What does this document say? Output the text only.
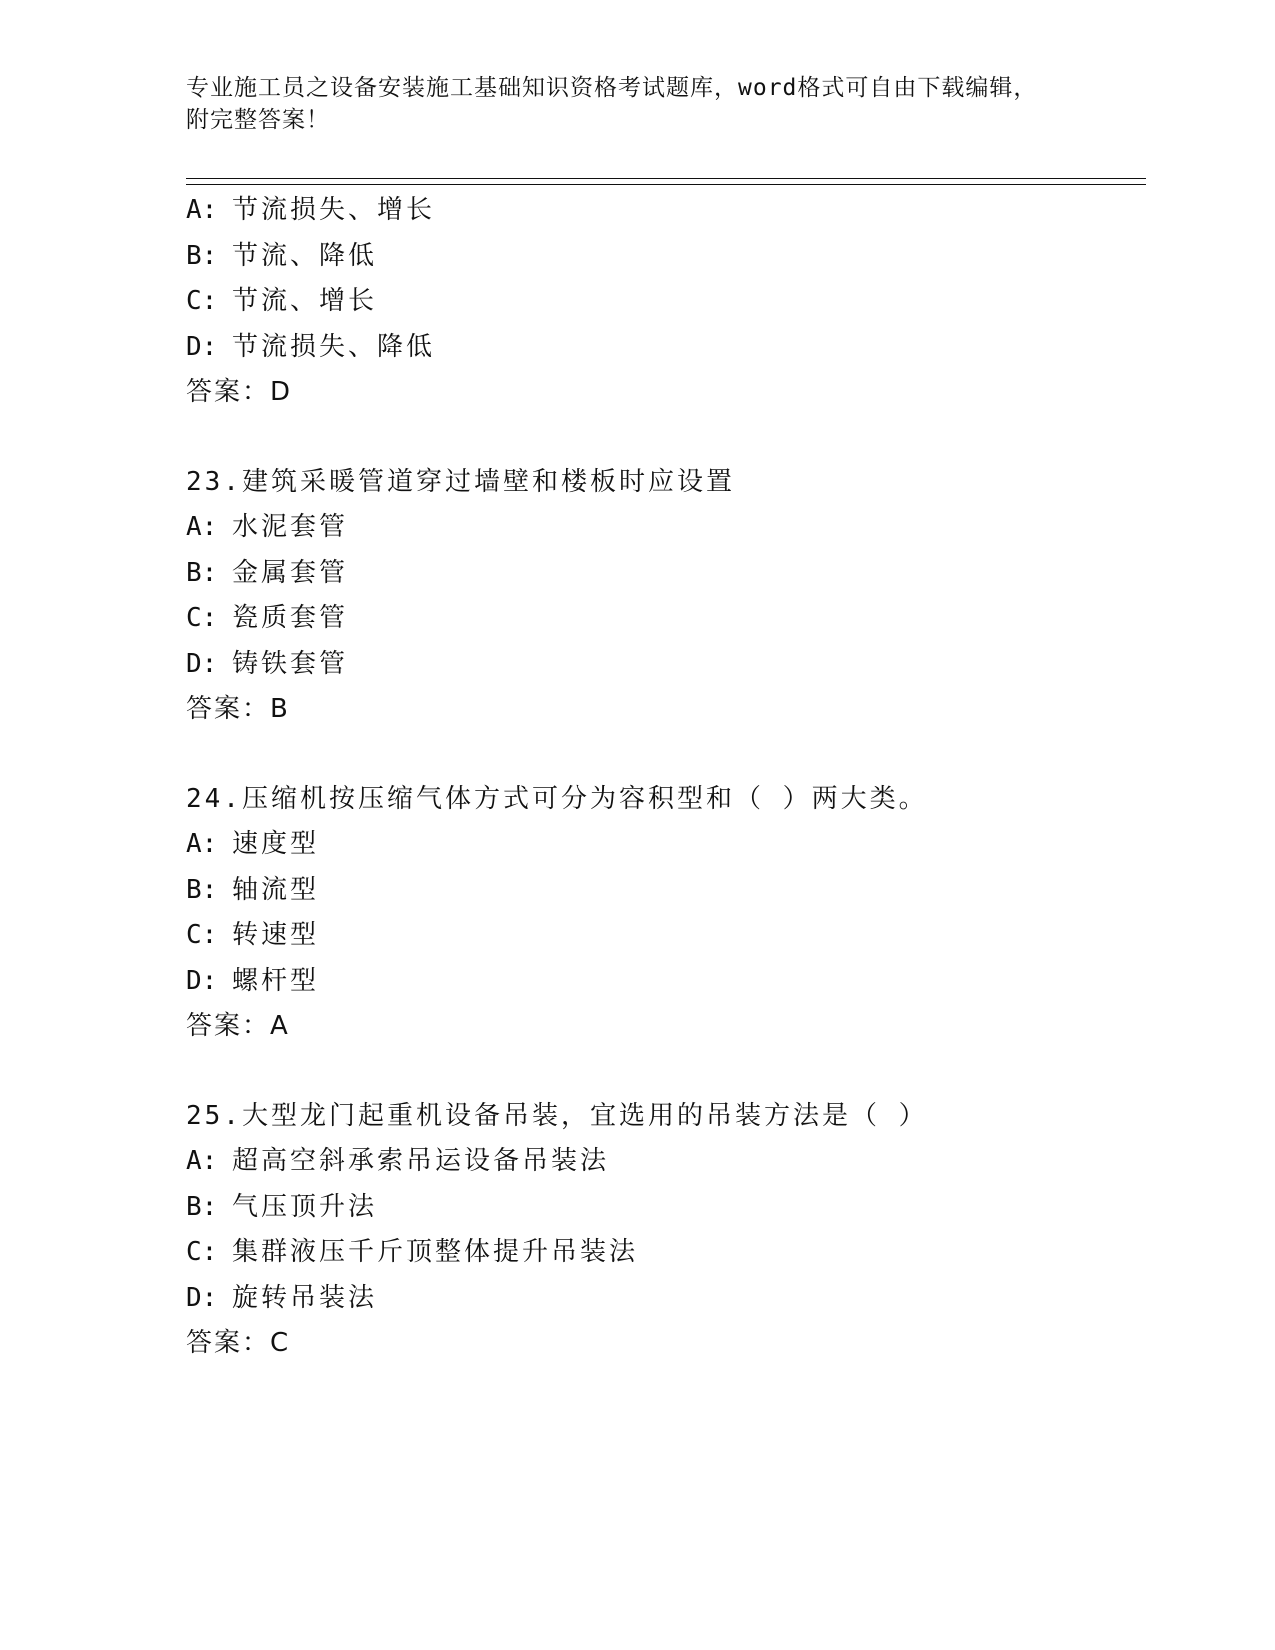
专业施工员之设备安装施工基础知识资格考试题库，word格式可自由下载编辑，
附完整答案！
A: 节流损失、增长
B: 节流、降低
C: 节流、增长
D: 节流损失、降低
答案：D
23.建筑采暖管道穿过墙壁和楼板时应设置
A: 水泥套管
B: 金属套管
C: 瓷质套管
D: 铸铁套管
答案：B
24.压缩机按压缩气体方式可分为容积型和（ ）两大类。
A: 速度型
B: 轴流型
C: 转速型
D: 螺杆型
答案：A
25.大型龙门起重机设备吊装，宜选用的吊装方法是（ ）
A: 超高空斜承索吊运设备吊装法
B: 气压顶升法
C: 集群液压千斤顶整体提升吊装法
D: 旋转吊装法
答案：C
